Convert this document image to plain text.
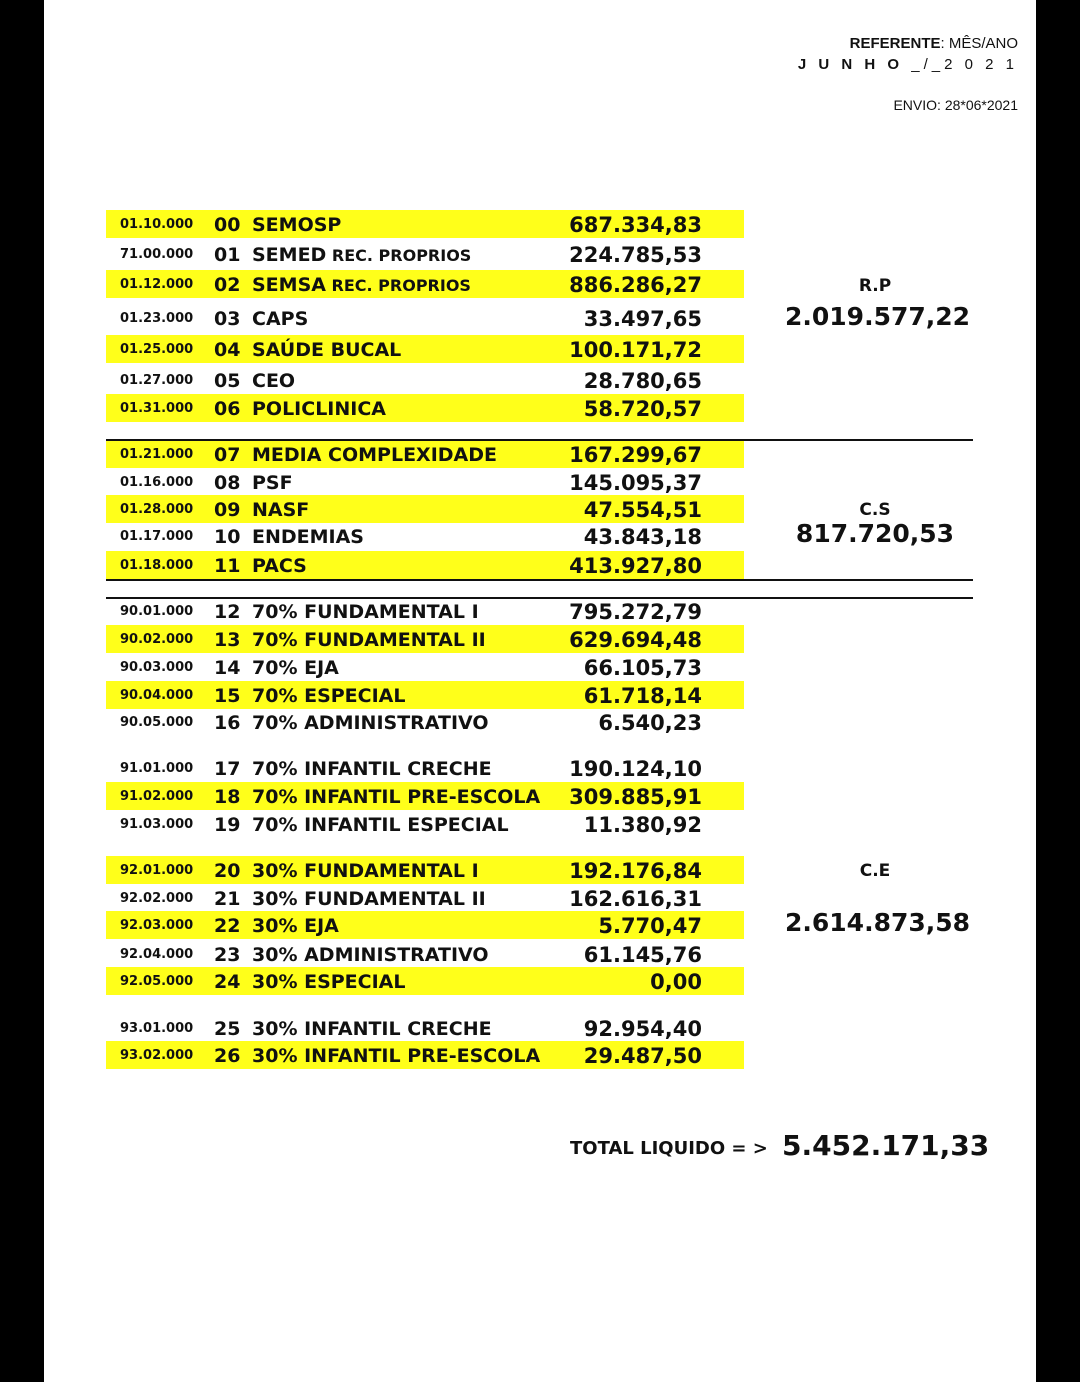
REFERENTE: MÊS/ANO
J U N H O _/_2 0 2 1
ENVIO: 28*06*2021
01.10.000 00 SEMOSP	687.334,83
71.00.000 01 SEMED REC. PROPRIOS	224.785,53
01.12.000 02 SEMSA REC. PROPRIOS	886.286,27
01.23.000 03 CAPS	33.497,65
01.25.000 04 SAÚDE BUCAL	100.171,72
01.27.000 05 CEO	28.780,65
01.31.000 06 POLICLINICA	58.720,57
01.21.000 07 MEDIA COMPLEXIDADE	167.299,67
01.16.000 08 PSF	145.095,37
01.28.000 09 NASF	47.554,51
01.17.000 10 ENDEMIAS	43.843,18
01.18.000 11 PACS	413.927,80
90.01.000 12 70% FUNDAMENTAL I	795.272,79
90.02.000 13 70% FUNDAMENTAL II	629.694,48
90.03.000 14 70% EJA	66.105,73
90.04.000 15 70% ESPECIAL	61.718,14
90.05.000 16 70% ADMINISTRATIVO	6.540,23
91.01.000 17 70% INFANTIL CRECHE	190.124,10
91.02.000 18 70% INFANTIL PRE-ESCOLA 309.885,91
91.03.000 19 70% INFANTIL ESPECIAL	11.380,92
92.01.000 20 30% FUNDAMENTAL I	192.176,84
92.02.000 21 30% FUNDAMENTAL II	162.616,31
92.03.000 22 30% EJA	5.770,47
92.04.000 23 30% ADMINISTRATIVO	61.145,76
92.05.000 24 30% ESPECIAL	0,00
93.01.000 25 30% INFANTIL CRECHE	92.954,40
93.02.000 26 30% INFANTIL PRE-ESCOLA 29.487,50
R.P
2.019.577,22
C.S
817.720,53
C.E
2.614.873,58
TOTAL LIQUIDO = > 5.452.171,33
